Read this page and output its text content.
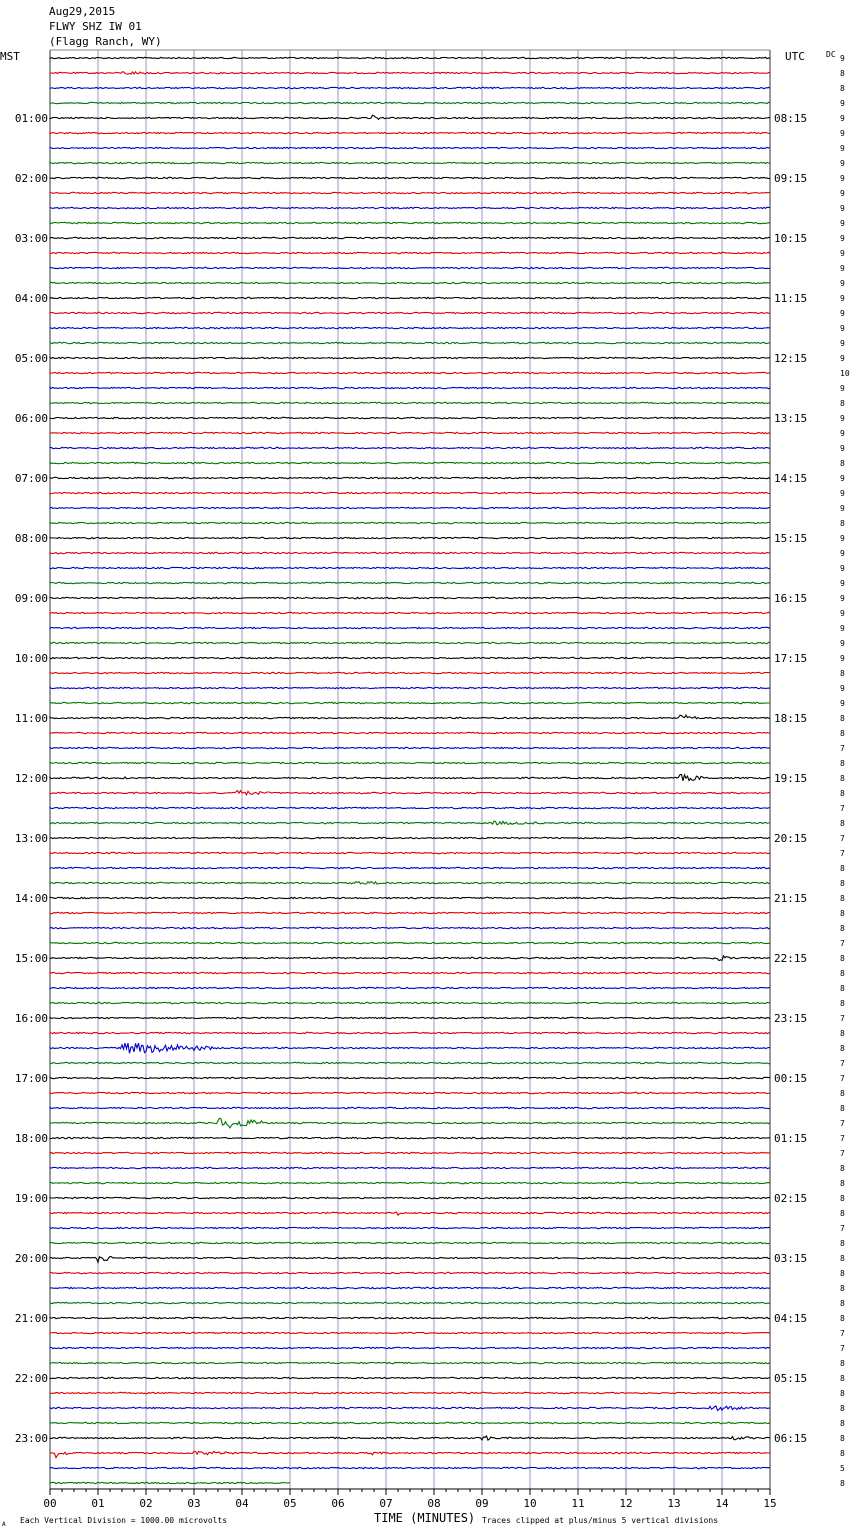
Aug29,2015
FLWY SHZ IW 01
(Flagg Ranch, WY)
MST	UTC	DC
TIME (MINUTES)
Each Vertical Division = 1000.00 microvolts	Traces clipped at plus/minus 5 vertical divisions
A
9
8
8
9
9
9
9
9
9
9
9
9
9
9
9
9
9
9
9
9
9
10
9
8
9
9
9
8
9
9
9
8
9
9
9
9
9
9
9
9
9
8
9
9
8
8
7
8
8
8
7
8
7
7
8
8
8
8
8
7
8
8
8
8
7
8
8
7
7
8
8
7
7
7
8
8
8
8
7
8
8
8
8
8
8
7
7
8
8
8
8
8
8
8
5
8
01:00
02:00
03:00
04:00
05:00
06:00
07:00
08:00
09:00
10:00
11:00
12:00
13:00
14:00
15:00
16:00
17:00
18:00
19:00
20:00
21:00
22:00
23:00
08:15
09:15
10:15
11:15
12:15
13:15
14:15
15:15
16:15
17:15
18:15
19:15
20:15
21:15
22:15
23:15
00:15
01:15
02:15
03:15
04:15
05:15
06:15
00	01	02	03	04	05	06	07	08	09	10	11	12	13	14	15
